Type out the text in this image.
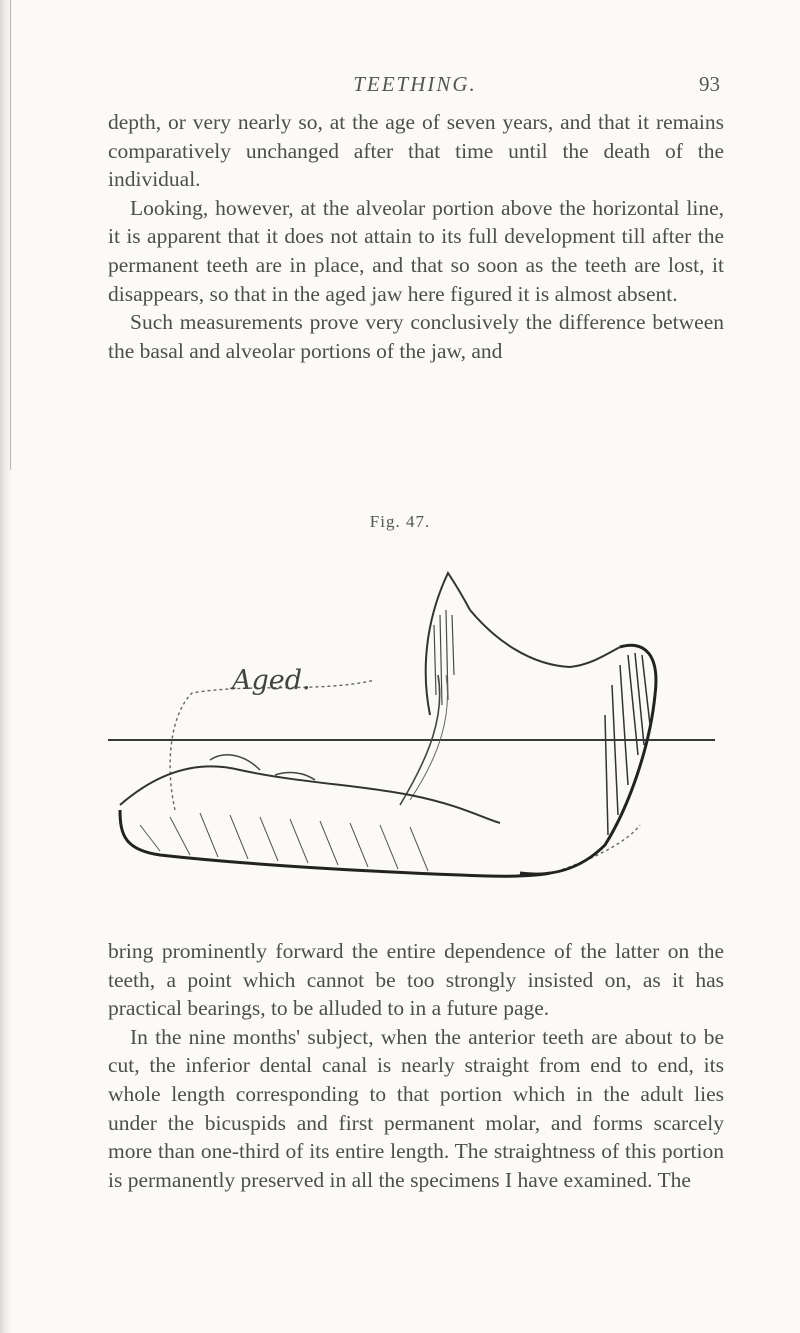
TEETHING.	93

depth, or very nearly so, at the age of seven years, and that it remains comparatively unchanged after that time until the death of the individual.

Looking, however, at the alveolar portion above the horizontal line, it is apparent that it does not attain to its full development till after the permanent teeth are in place, and that so soon as the teeth are lost, it disappears, so that in the aged jaw here figured it is almost absent.

Such measurements prove very conclusively the difference between the basal and alveolar portions of the jaw, and

Fig. 47.
Aged.

bring prominently forward the entire dependence of the latter on the teeth, a point which cannot be too strongly insisted on, as it has practical bearings, to be alluded to in a future page.

In the nine months' subject, when the anterior teeth are about to be cut, the inferior dental canal is nearly straight from end to end, its whole length corresponding to that portion which in the adult lies under the bicuspids and first permanent molar, and forms scarcely more than one-third of its entire length. The straightness of this portion is permanently preserved in all the specimens I have examined. The
